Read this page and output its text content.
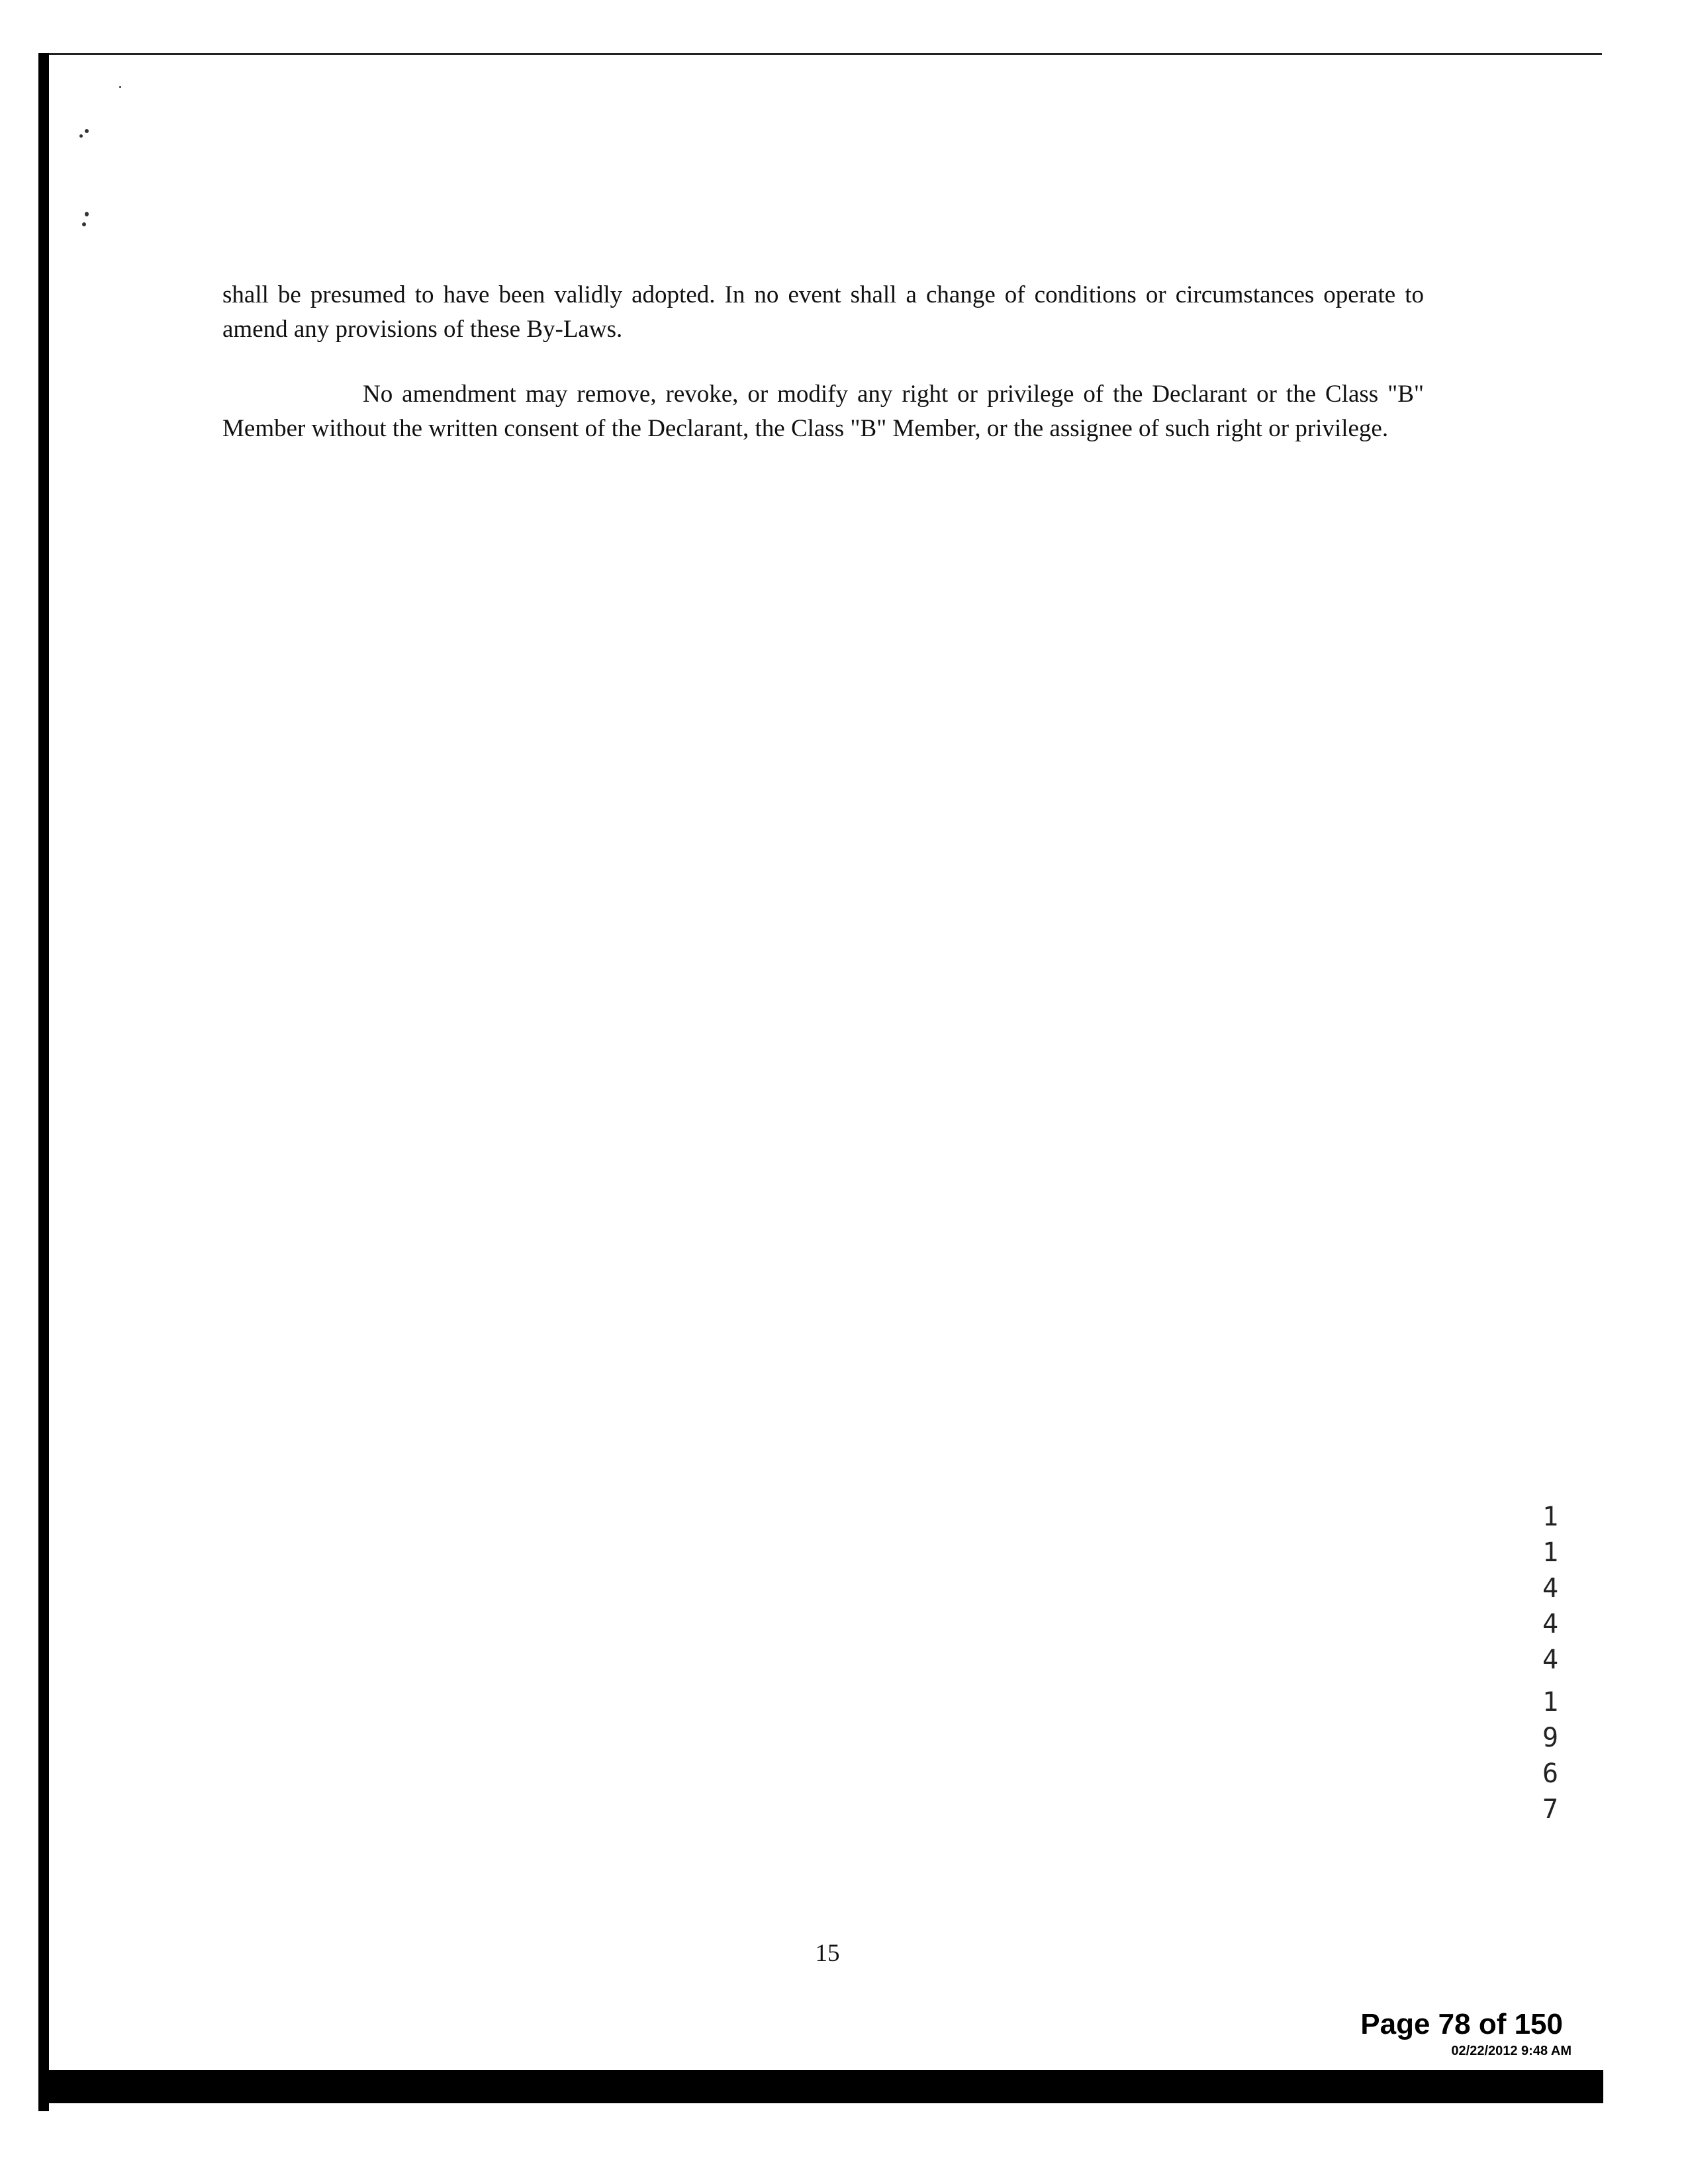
shall be presumed to have been validly adopted. In no event shall a change of conditions or circumstances operate to amend any provisions of these By-Laws.

No amendment may remove, revoke, or modify any right or privilege of the Declarant or the Class "B" Member without the written consent of the Declarant, the Class "B" Member, or the assignee of such right or privilege.

11444
1967
15
Page 78 of 150
02/22/2012 9:48 AM
